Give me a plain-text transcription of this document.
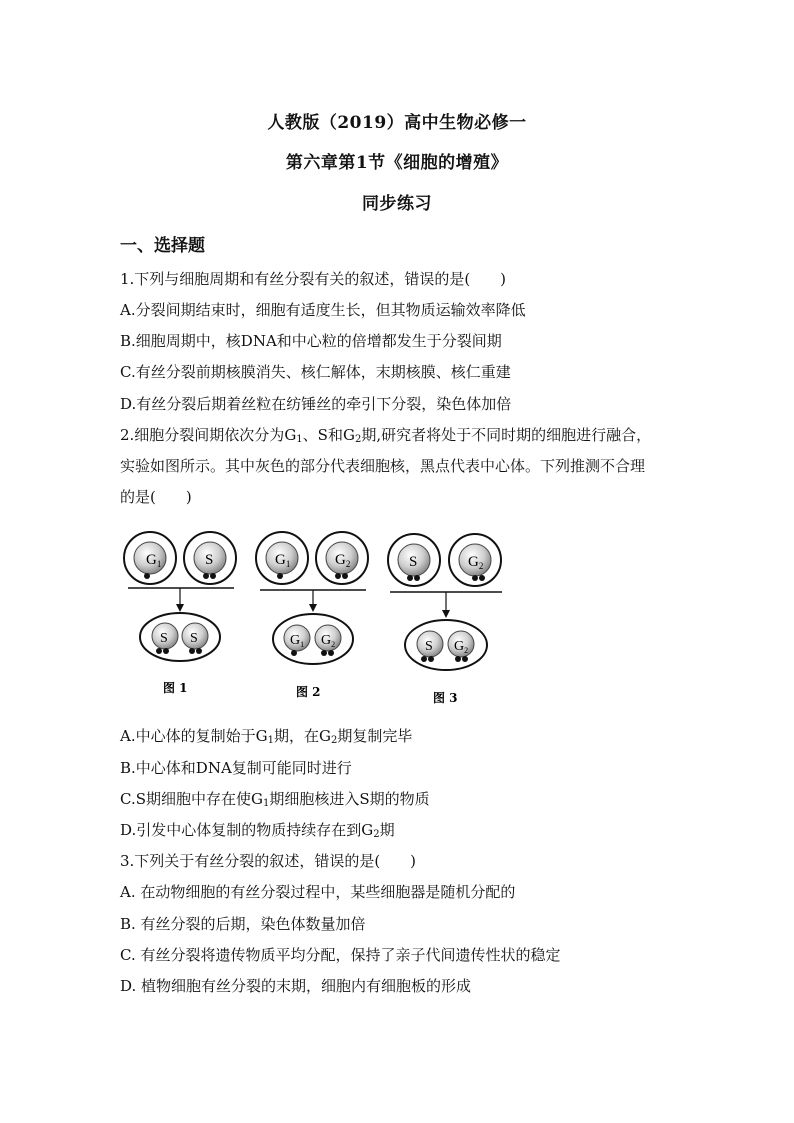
人教版（2019）高中生物必修一
第六章第1节《细胞的增殖》
同步练习
一、选择题
1.下列与细胞周期和有丝分裂有关的叙述，错误的是(　　)
A.分裂间期结束时，细胞有适度生长，但其物质运输效率降低
B.细胞周期中，核DNA和中心粒的倍增都发生于分裂间期
C.有丝分裂前期核膜消失、核仁解体，末期核膜、核仁重建
D.有丝分裂后期着丝粒在纺锤丝的牵引下分裂，染色体加倍
2.细胞分裂间期依次分为$G_1$、S和$G_2$期,研究者将处于不同时期的细胞进行融合，
实验如图所示。其中灰色的部分代表细胞核，黑点代表中心体。下列推测不合理
的是(　　)
$G_1$	S
S S
图 1
$G_1$	$G_2$
$G_1$ $G_2$
图 2
S	$G_2$
S $G_2$
图 3
A.中心体的复制始于$G_1$期，在$G_2$期复制完毕
B.中心体和DNA复制可能同时进行
C.S期细胞中存在使$G_1$期细胞核进入S期的物质
D.引发中心体复制的物质持续存在到$G_2$期
3.下列关于有丝分裂的叙述，错误的是(　　)
A. 在动物细胞的有丝分裂过程中，某些细胞器是随机分配的
B. 有丝分裂的后期，染色体数量加倍
C. 有丝分裂将遗传物质平均分配，保持了亲子代间遗传性状的稳定
D. 植物细胞有丝分裂的末期，细胞内有细胞板的形成
